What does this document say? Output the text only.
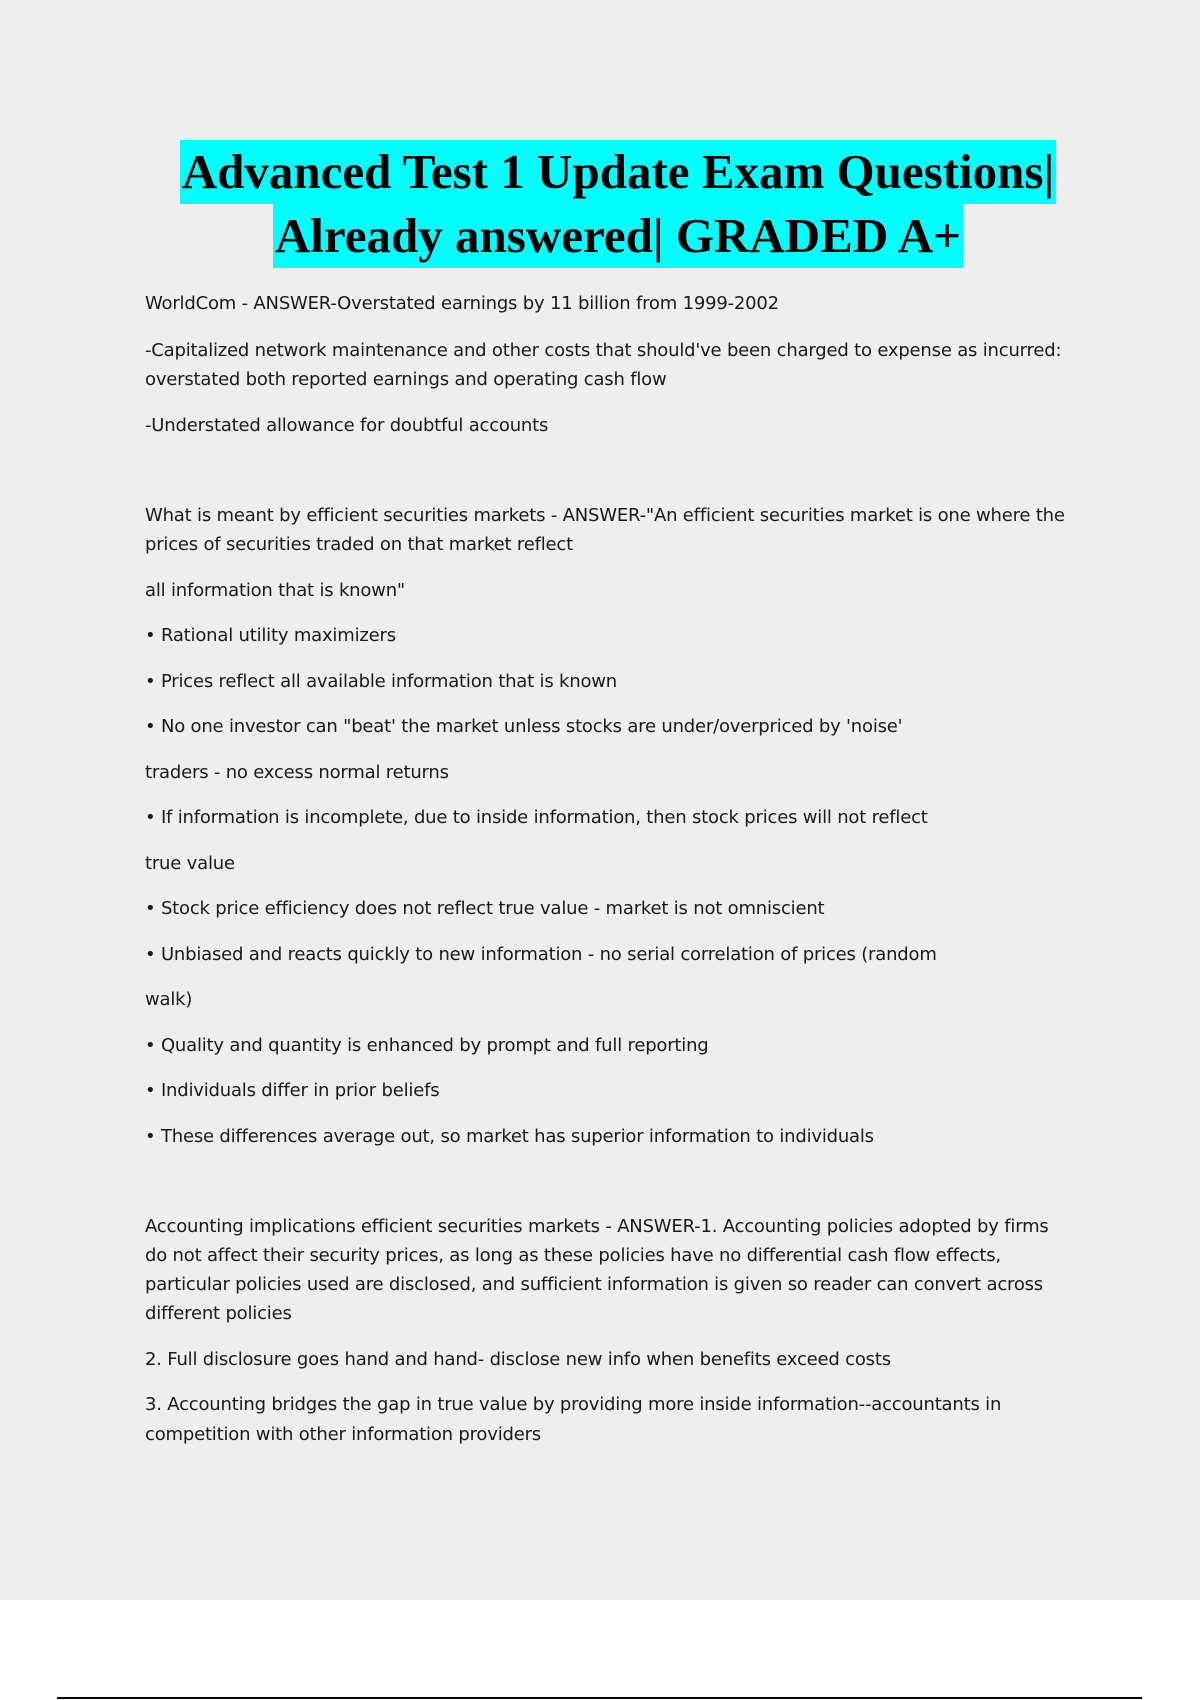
Advanced Test 1 Update Exam Questions|
Already answered| GRADED A+

WorldCom - ANSWER-Overstated earnings by 11 billion from 1999-2002

-Capitalized network maintenance and other costs that should've been charged to expense as incurred:

overstated both reported earnings and operating cash flow

-Understated allowance for doubtful accounts

What is meant by efficient securities markets - ANSWER-"An efficient securities market is one where the

prices of securities traded on that market reflect

all information that is known"

• Rational utility maximizers

• Prices reflect all available information that is known

• No one investor can "beat' the market unless stocks are under/overpriced by 'noise'

traders - no excess normal returns

• If information is incomplete, due to inside information, then stock prices will not reflect

true value

• Stock price efficiency does not reflect true value - market is not omniscient

• Unbiased and reacts quickly to new information - no serial correlation of prices (random

walk)

• Quality and quantity is enhanced by prompt and full reporting

• Individuals differ in prior beliefs

• These differences average out, so market has superior information to individuals

Accounting implications efficient securities markets - ANSWER-1. Accounting policies adopted by firms

do not affect their security prices, as long as these policies have no differential cash flow effects,

particular policies used are disclosed, and sufficient information is given so reader can convert across

different policies

2. Full disclosure goes hand and hand- disclose new info when benefits exceed costs

3. Accounting bridges the gap in true value by providing more inside information--accountants in

competition with other information providers
